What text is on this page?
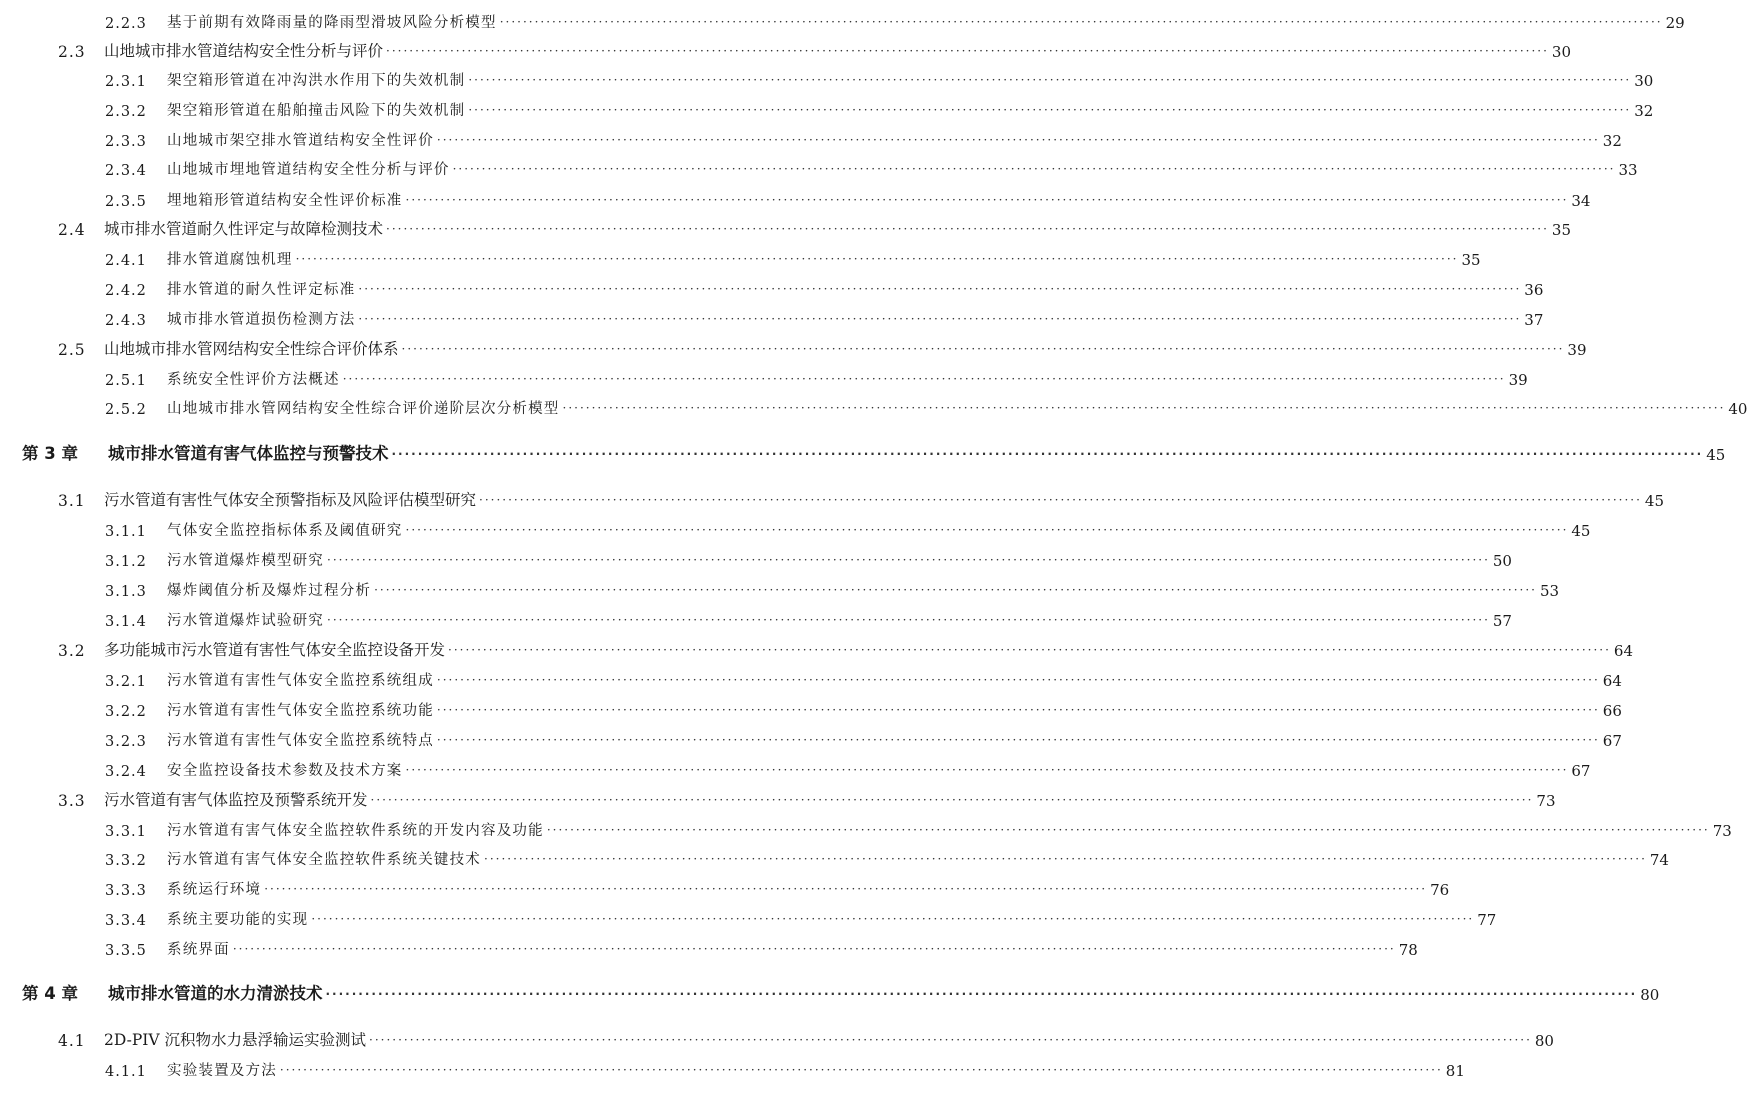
2.2.3	基于前期有效降雨量的降雨型滑坡风险分析模型 ········································································································································································································ 29
2.3	山地城市排水管道结构安全性分析与评价 ········································································································································································································ 30
2.3.1	架空箱形管道在冲沟洪水作用下的失效机制 ········································································································································································································ 30
2.3.2	架空箱形管道在船舶撞击风险下的失效机制 ········································································································································································································ 32
2.3.3	山地城市架空排水管道结构安全性评价 ········································································································································································································ 32
2.3.4	山地城市埋地管道结构安全性分析与评价 ········································································································································································································ 33
2.3.5	埋地箱形管道结构安全性评价标准 ········································································································································································································ 34
2.4	城市排水管道耐久性评定与故障检测技术 ········································································································································································································ 35
2.4.1	排水管道腐蚀机理 ········································································································································································································ 35
2.4.2	排水管道的耐久性评定标准 ········································································································································································································ 36
2.4.3	城市排水管道损伤检测方法 ········································································································································································································ 37
2.5	山地城市排水管网结构安全性综合评价体系 ········································································································································································································ 39
2.5.1	系统安全性评价方法概述 ········································································································································································································ 39
2.5.2	山地城市排水管网结构安全性综合评价递阶层次分析模型 ········································································································································································································ 40
第 3 章	城市排水管道有害气体监控与预警技术 ········································································································································································································ 45
3.1	污水管道有害性气体安全预警指标及风险评估模型研究 ········································································································································································································ 45
3.1.1	气体安全监控指标体系及阈值研究 ········································································································································································································ 45
3.1.2	污水管道爆炸模型研究 ········································································································································································································ 50
3.1.3	爆炸阈值分析及爆炸过程分析 ········································································································································································································ 53
3.1.4	污水管道爆炸试验研究 ········································································································································································································ 57
3.2	多功能城市污水管道有害性气体安全监控设备开发 ········································································································································································································ 64
3.2.1	污水管道有害性气体安全监控系统组成 ········································································································································································································ 64
3.2.2	污水管道有害性气体安全监控系统功能 ········································································································································································································ 66
3.2.3	污水管道有害性气体安全监控系统特点 ········································································································································································································ 67
3.2.4	安全监控设备技术参数及技术方案 ········································································································································································································ 67
3.3	污水管道有害气体监控及预警系统开发 ········································································································································································································ 73
3.3.1	污水管道有害气体安全监控软件系统的开发内容及功能 ········································································································································································································ 73
3.3.2	污水管道有害气体安全监控软件系统关键技术 ········································································································································································································ 74
3.3.3	系统运行环境 ········································································································································································································ 76
3.3.4	系统主要功能的实现 ········································································································································································································ 77
3.3.5	系统界面 ········································································································································································································ 78
第 4 章	城市排水管道的水力清淤技术 ········································································································································································································ 80
4.1	2D-PIV 沉积物水力悬浮输运实验测试 ········································································································································································································ 80
4.1.1	实验装置及方法 ········································································································································································································ 81
